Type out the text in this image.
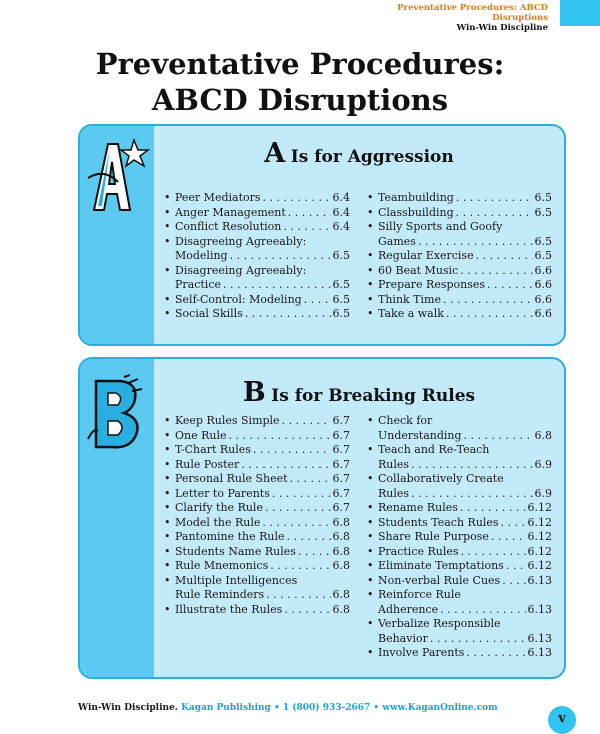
Preventative Procedures: ABCD Disruptions
Win-Win Discipline
Preventative Procedures:
ABCD Disruptions
A Is for Aggression
• Peer Mediators . . .	6.4
• Anger Management . . .	6.4
• Conflict Resolution . . .	6.4
• Disagreeing Agreeably:
Modeling . . .	6.5
• Disagreeing Agreeably:
Practice . . .	6.5
• Self-Control: Modeling . . .	6.5
• Social Skills . . .	6.5
• Teambuilding . . .	6.5
• Classbuilding . . .	6.5
• Silly Sports and Goofy
Games . . .	6.5
• Regular Exercise . . .	6.5
• 60 Beat Music . . .	6.6
• Prepare Responses . . .	6.6
• Think Time . . .	6.6
• Take a walk . . .	6.6
B Is for Breaking Rules
• Keep Rules Simple . . .	6.7
• One Rule . . .	6.7
• T-Chart Rules . . .	6.7
• Rule Poster . . .	6.7
• Personal Rule Sheet . . .	6.7
• Letter to Parents . . .	6.7
• Clarify the Rule . . .	6.7
• Model the Rule . . .	6.8
• Pantomine the Rule . . .	6.8
• Students Name Rules . . .	6.8
• Rule Mnemonics . . .	6.8
• Multiple Intelligences
Rule Reminders . . .	6.8
• Illustrate the Rules . . .	6.8
• Check for
Understanding . . .	6.8
• Teach and Re-Teach
Rules . . .	6.9
• Collaboratively Create
Rules . . .	6.9
• Rename Rules . . .	6.12
• Students Teach Rules . . .	6.12
• Share Rule Purpose . . .	6.12
• Practice Rules . . .	6.12
• Eliminate Temptations . . . 6.12
• Non-verbal Rule Cues . . . 6.13
• Reinforce Rule
Adherence . . .	6.13
• Verbalize Responsible
Behavior . . .	6.13
• Involve Parents . . .	6.13
Win-Win Discipline. Kagan Publishing • 1 (800) 933-2667 • www.KaganOnline.com
v
